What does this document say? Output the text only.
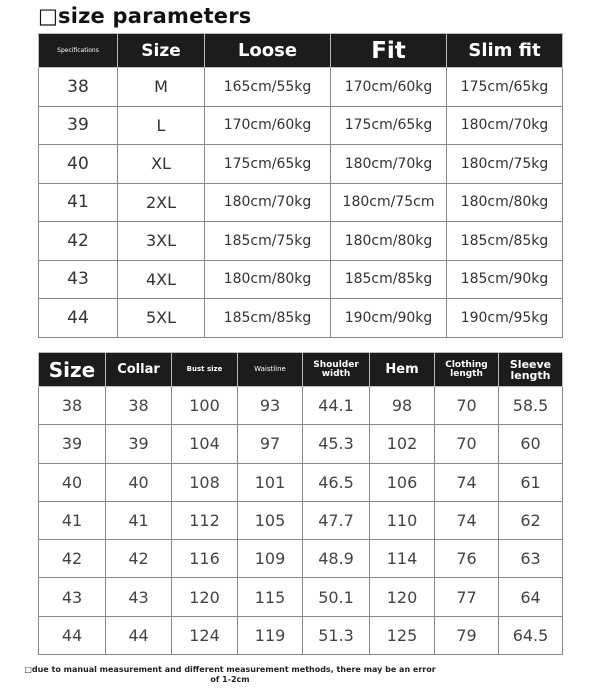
□size parameters
Specifications	Size	Loose	Fit	Slim fit
38	M	165cm/55kg	170cm/60kg	175cm/65kg
39	L	170cm/60kg	175cm/65kg	180cm/70kg
40	XL	175cm/65kg	180cm/70kg	180cm/75kg
41	2XL	180cm/70kg	180cm/75cm	180cm/80kg
42	3XL	185cm/75kg	180cm/80kg	185cm/85kg
43	4XL	180cm/80kg	185cm/85kg	185cm/90kg
44	5XL	185cm/85kg	190cm/90kg	190cm/95kg
Size	Collar	Bust size	Waistline	Shoulder width	Hem	Clothing length	Sleeve length
38	38	100	93	44.1	98	70	58.5
39	39	104	97	45.3	102	70	60
40	40	108	101	46.5	106	74	61
41	41	112	105	47.7	110	74	62
42	42	116	109	48.9	114	76	63
43	43	120	115	50.1	120	77	64
44	44	124	119	51.3	125	79	64.5
□due to manual measurement and different measurement methods, there may be an error of 1-2cm
